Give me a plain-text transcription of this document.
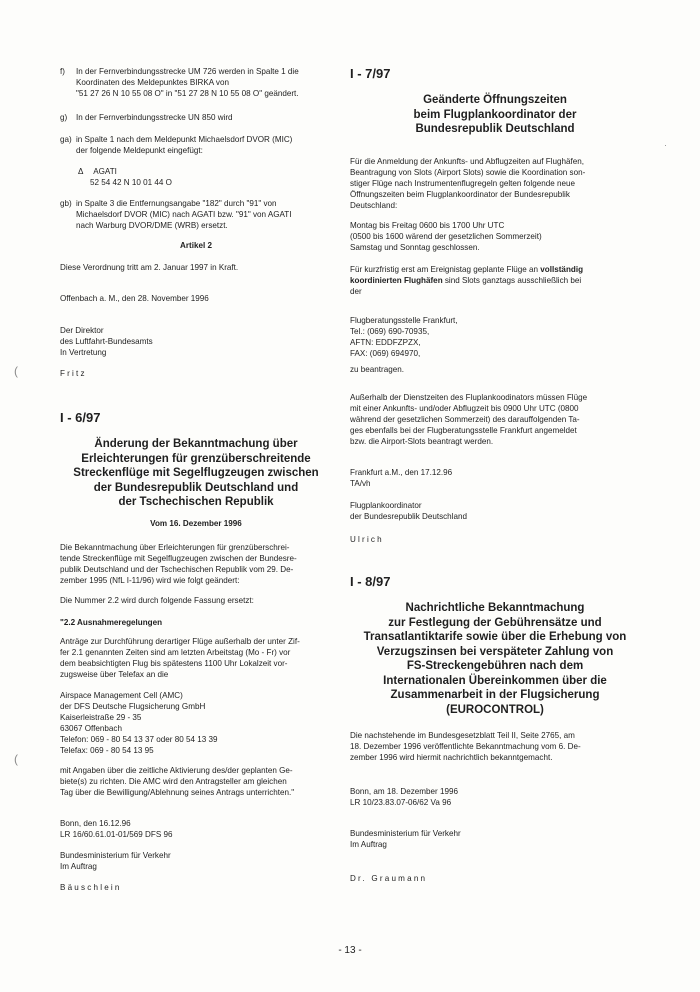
(
(
·
f) In der Fernverbindungsstrecke UM 726 werden in Spalte 1 die
Koordinaten des Meldepunktes BIRKA von
"51 27 26 N 10 55 08 O" in "51 27 28 N 10 55 08 O" geändert.
g)	In der Fernverbindungsstrecke UN 850 wird
ga) in Spalte 1 nach dem Meldepunkt Michaelsdorf DVOR (MIC)
der folgende Meldepunkt eingefügt:
Δ AGATI
52 54 42 N 10 01 44 O
gb) in Spalte 3 die Entfernungsangabe "182" durch "91" von
Michaelsdorf DVOR (MIC) nach AGATI bzw. "91" von AGATI
nach Warburg DVOR/DME (WRB) ersetzt.
Artikel 2
Diese Verordnung tritt am 2. Januar 1997 in Kraft.
Offenbach a. M., den 28. November 1996
Der Direktor
des Luftfahrt-Bundesamts
In Vertretung
Fritz
I - 6/97
Änderung der Bekanntmachung über
Erleichterungen für grenzüberschreitende
Streckenflüge mit Segelflugzeugen zwischen
der Bundesrepublik Deutschland und
der Tschechischen Republik
Vom 16. Dezember 1996
Die Bekanntmachung über Erleichterungen für grenzüberschrei-
tende Streckenflüge mit Segelflugzeugen zwischen der Bundesre-
publik Deutschland und der Tschechischen Republik vom 29. De-
zember 1995 (NfL I-11/96) wird wie folgt geändert:
Die Nummer 2.2 wird durch folgende Fassung ersetzt:
"2.2 Ausnahmeregelungen
Anträge zur Durchführung derartiger Flüge außerhalb der unter Zif-
fer 2.1 genannten Zeiten sind am letzten Arbeitstag (Mo - Fr) vor
dem beabsichtigten Flug bis spätestens 1100 Uhr Lokalzeit vor-
zugsweise über Telefax an die
Airspace Management Cell (AMC)
der DFS Deutsche Flugsicherung GmbH
Kaiserleistraße 29 - 35
63067 Offenbach
Telefon: 069 - 80 54 13 37 oder 80 54 13 39
Telefax: 069 - 80 54 13 95
mit Angaben über die zeitliche Aktivierung des/der geplanten Ge-
biete(s) zu richten. Die AMC wird den Antragsteller am gleichen
Tag über die Bewilligung/Ablehnung seines Antrags unterrichten."
Bonn, den 16.12.96
LR 16/60.61.01-01/569 DFS 96
Bundesministerium für Verkehr
Im Auftrag
Bäuschlein
I - 7/97
Geänderte Öffnungszeiten
beim Flugplankoordinator der
Bundesrepublik Deutschland
Für die Anmeldung der Ankunfts- und Abflugzeiten auf Flughäfen,
Beantragung von Slots (Airport Slots) sowie die Koordination son-
stiger Flüge nach Instrumentenflugregeln gelten folgende neue
Öffnungszeiten beim Flugplankoordinator der Bundesrepublik
Deutschland:
Montag bis Freitag 0600 bis 1700 Uhr UTC
(0500 bis 1600 wärend der gesetzlichen Sommerzeit)
Samstag und Sonntag geschlossen.
Für kurzfristig erst am Ereignistag geplante Flüge an vollständig
koordinierten Flughäfen sind Slots ganztags ausschließlich bei
der
Flugberatungsstelle Frankfurt,
Tel.: (069) 690-70935,
AFTN: EDDFZPZX,
FAX: (069) 694970,
zu beantragen.
Außerhalb der Dienstzeiten des Fluplankoodinators müssen Flüge
mit einer Ankunfts- und/oder Abflugzeit bis 0900 Uhr UTC (0800
während der gesetzlichen Sommerzeit) des darauffolgenden Ta-
ges ebenfalls bei der Flugberatungsstelle Frankfurt angemeldet
bzw. die Airport-Slots beantragt werden.
Frankfurt a.M., den 17.12.96
TA/vh
Flugplankoordinator
der Bundesrepublik Deutschland
Ulrich
I - 8/97
Nachrichtliche Bekanntmachung
zur Festlegung der Gebührensätze und
Transatlantiktarife sowie über die Erhebung von
Verzugszinsen bei verspäteter Zahlung von
FS-Streckengebühren nach dem
Internationalen Übereinkommen über die
Zusammenarbeit in der Flugsicherung
(EUROCONTROL)
Die nachstehende im Bundesgesetzblatt Teil II, Seite 2765, am
18. Dezember 1996 veröffentlichte Bekanntmachung vom 6. De-
zember 1996 wird hiermit nachrichtlich bekanntgemacht.
Bonn, am 18. Dezember 1996
LR 10/23.83.07-06/62 Va 96
Bundesministerium für Verkehr
Im Auftrag
Dr. Graumann
- 13 -
